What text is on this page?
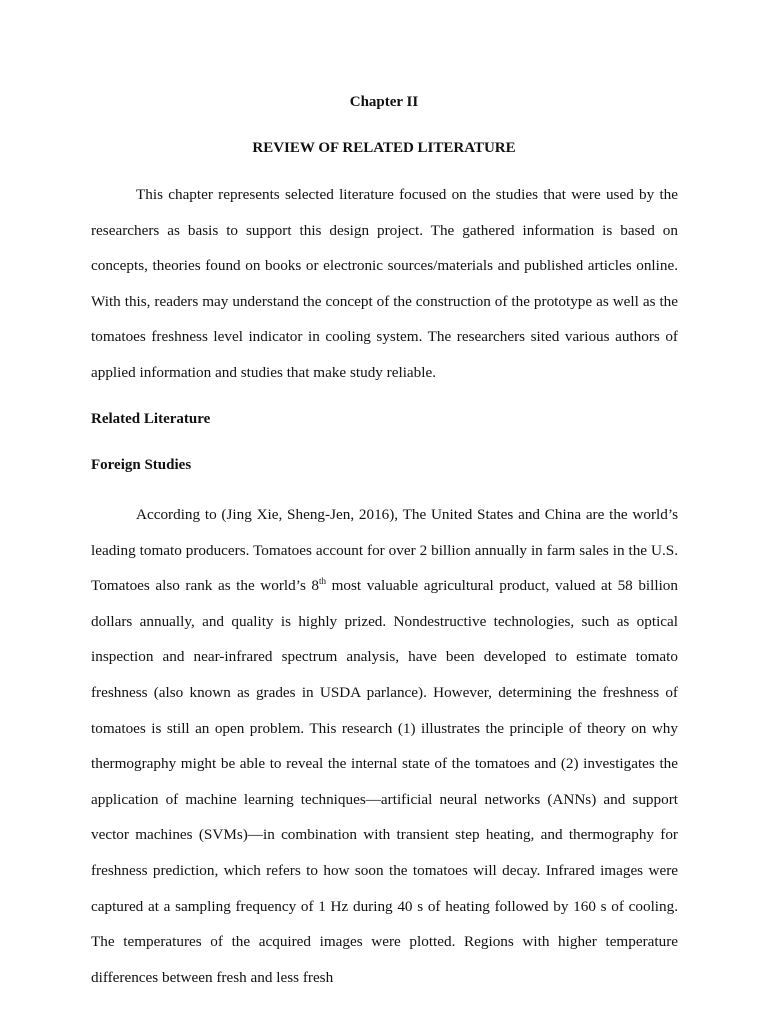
Chapter II
REVIEW OF RELATED LITERATURE

This chapter represents selected literature focused on the studies that were used by the researchers as basis to support this design project. The gathered information is based on concepts, theories found on books or electronic sources/materials and published articles online. With this, readers may understand the concept of the construction of the prototype as well as the tomatoes freshness level indicator in cooling system. The researchers sited various authors of applied information and studies that make study reliable.

Related Literature
Foreign Studies

According to (Jing Xie, Sheng-Jen, 2016), The United States and China are the world’s leading tomato producers. Tomatoes account for over 2 billion annually in farm sales in the U.S. Tomatoes also rank as the world’s 8th most valuable agricultural product, valued at 58 billion dollars annually, and quality is highly prized. Nondestructive technologies, such as optical inspection and near-infrared spectrum analysis, have been developed to estimate tomato freshness (also known as grades in USDA parlance). However, determining the freshness of tomatoes is still an open problem. This research (1) illustrates the principle of theory on why thermography might be able to reveal the internal state of the tomatoes and (2) investigates the application of machine learning techniques—artificial neural networks (ANNs) and support vector machines (SVMs)—in combination with transient step heating, and thermography for freshness prediction, which refers to how soon the tomatoes will decay. Infrared images were captured at a sampling frequency of 1 Hz during 40 s of heating followed by 160 s of cooling. The temperatures of the acquired images were plotted. Regions with higher temperature differences between fresh and less fresh
